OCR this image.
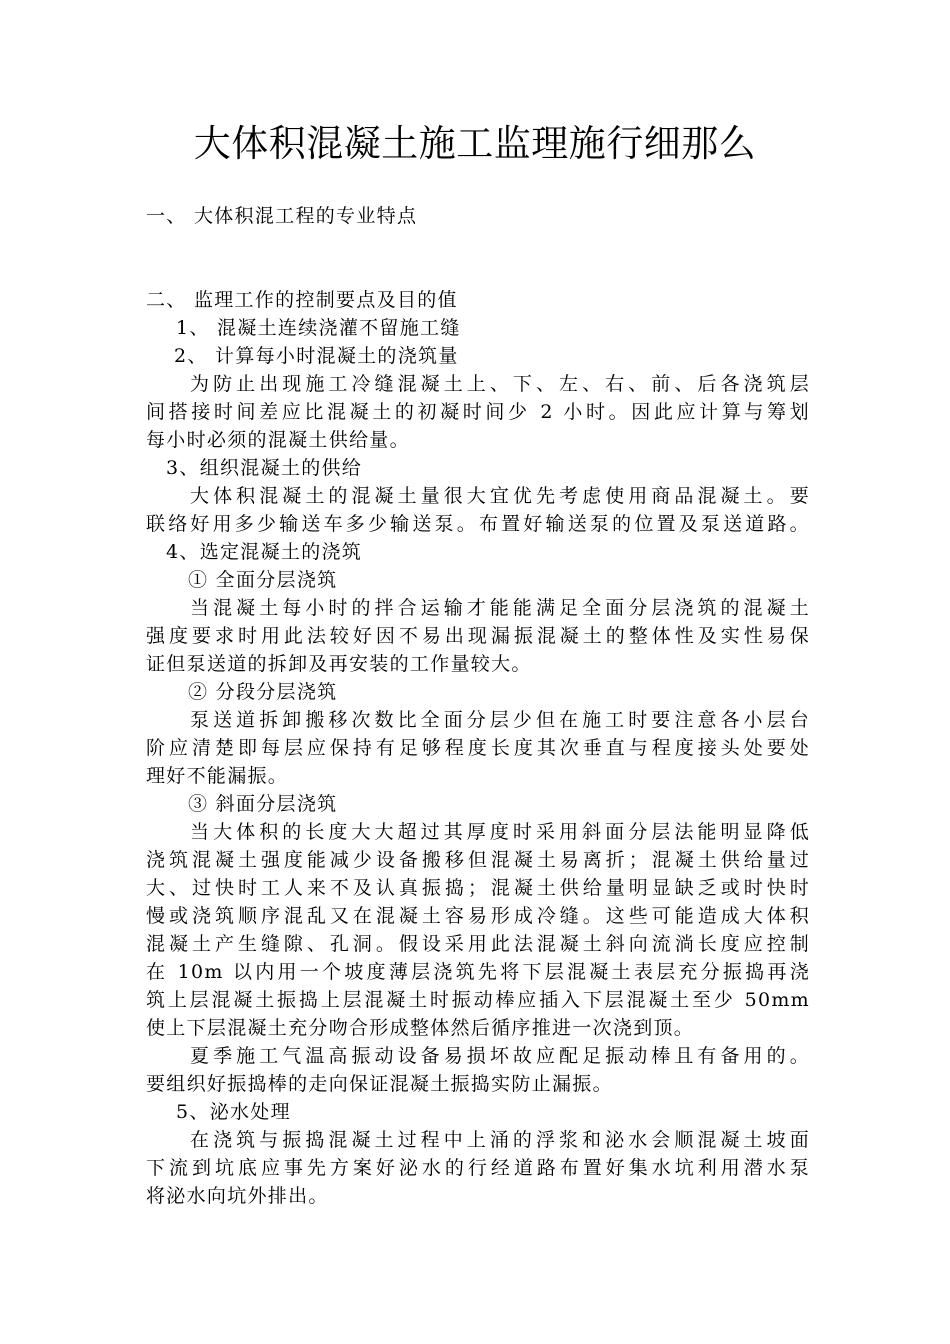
大体积混凝土施工监理施行细那么
一、 大体积混工程的专业特点
二、 监理工作的控制要点及目的值
1、 混凝土连续浇灌不留施工缝
2、 计算每小时混凝土的浇筑量
为防止出现施工冷缝混凝土上、下、左、右、前、后各浇筑层
间搭接时间差应比混凝土的初凝时间少 2 小时。因此应计算与筹划
每小时必须的混凝土供给量。
3、组织混凝土的供给
大体积混凝土的混凝土量很大宜优先考虑使用商品混凝土。要
联络好用多少输送车多少输送泵。布置好输送泵的位置及泵送道路。
4、选定混凝土的浇筑
① 全面分层浇筑
当混凝土每小时的拌合运输才能能满足全面分层浇筑的混凝土
强度要求时用此法较好因不易出现漏振混凝土的整体性及实性易保
证但泵送道的拆卸及再安装的工作量较大。
② 分段分层浇筑
泵送道拆卸搬移次数比全面分层少但在施工时要注意各小层台
阶应清楚即每层应保持有足够程度长度其次垂直与程度接头处要处
理好不能漏振。
③ 斜面分层浇筑
当大体积的长度大大超过其厚度时采用斜面分层法能明显降低
浇筑混凝土强度能减少设备搬移但混凝土易离折；混凝土供给量过
大、过快时工人来不及认真振捣；混凝土供给量明显缺乏或时快时
慢或浇筑顺序混乱又在混凝土容易形成冷缝。这些可能造成大体积
混凝土产生缝隙、孔洞。假设采用此法混凝土斜向流淌长度应控制
在 10m 以内用一个坡度薄层浇筑先将下层混凝土表层充分振捣再浇
筑上层混凝土振捣上层混凝土时振动棒应插入下层混凝土至少 50mm
使上下层混凝土充分吻合形成整体然后循序推进一次浇到顶。
夏季施工气温高振动设备易损坏故应配足振动棒且有备用的。
要组织好振捣棒的走向保证混凝土振捣实防止漏振。
5、泌水处理
在浇筑与振捣混凝土过程中上涌的浮浆和泌水会顺混凝土坡面
下流到坑底应事先方案好泌水的行经道路布置好集水坑利用潜水泵
将泌水向坑外排出。
